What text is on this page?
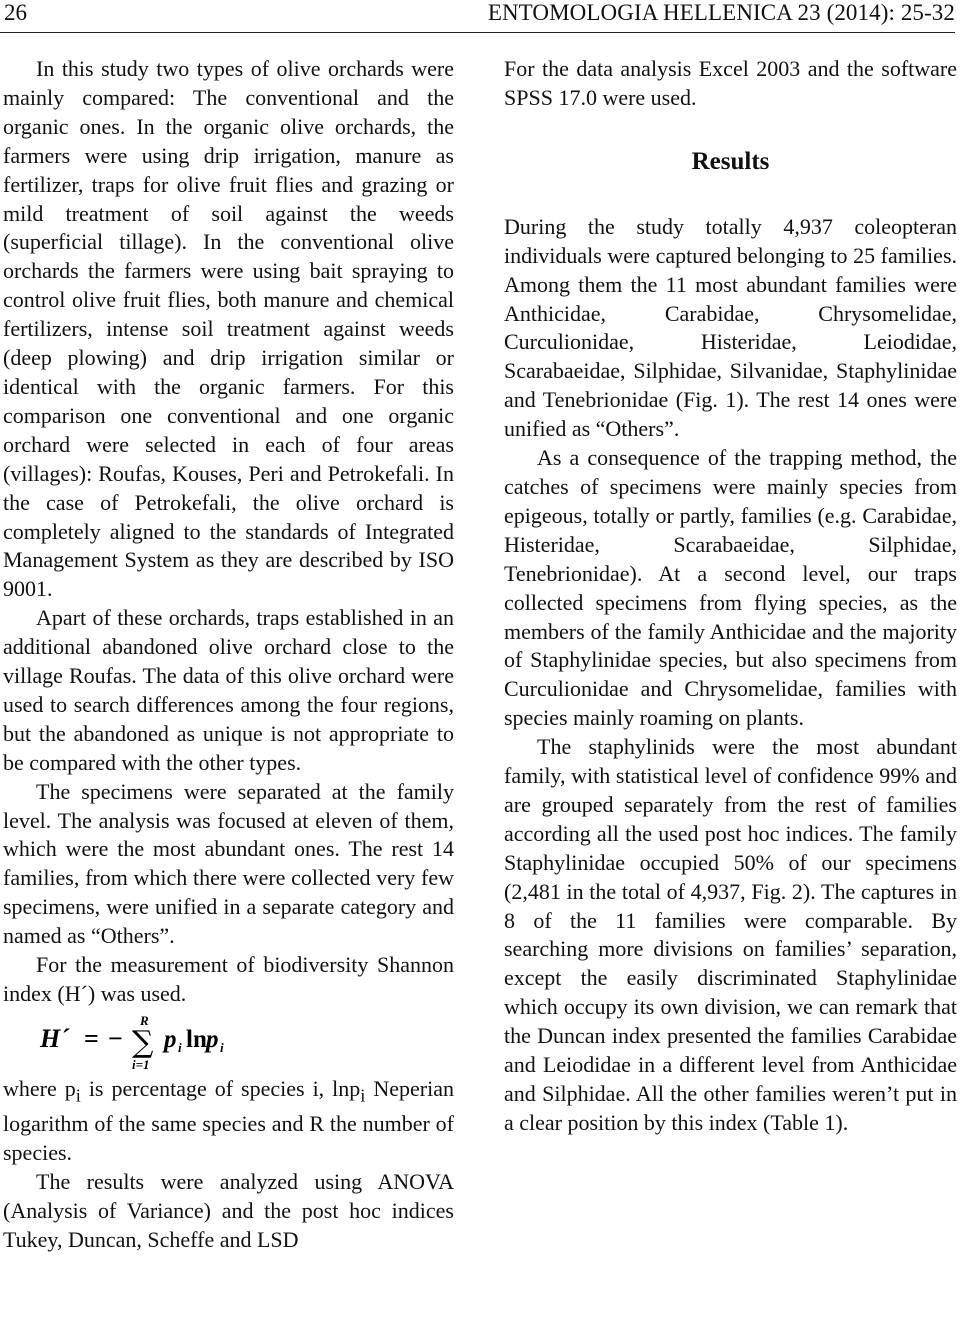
26	ENTOMOLOGIA HELLENICA 23 (2014): 25-32

In this study two types of olive orchards were mainly compared: The conventional and the organic ones. In the organic olive orchards, the farmers were using drip irrigation, manure as fertilizer, traps for olive fruit flies and grazing or mild treatment of soil against the weeds (superficial tillage). In the conventional olive orchards the farmers were using bait spraying to control olive fruit flies, both manure and chemical fertilizers, intense soil treatment against weeds (deep plowing) and drip irrigation similar or identical with the organic farmers. For this comparison one conventional and one organic orchard were selected in each of four areas (villages): Roufas, Kouses, Peri and Petrokefali. In the case of Petrokefali, the olive orchard is completely aligned to the standards of Integrated Management System as they are described by ISO 9001.

Apart of these orchards, traps established in an additional abandoned olive orchard close to the village Roufas. The data of this olive orchard were used to search differences among the four regions, but the abandoned as unique is not appropriate to be compared with the other types.

The specimens were separated at the family level. The analysis was focused at eleven of them, which were the most abundant ones. The rest 14 families, from which there were collected very few specimens, were unified in a separate category and named as “Others”.

For the measurement of biodiversity Shannon index (H´) was used.

H´ = −
R
∑
i=1
p i ln p i

where $p_i$ is percentage of species i, lnp$_i$ Neperian logarithm of the same species and R the number of species.

The results were analyzed using ANOVA (Analysis of Variance) and the post hoc indices Tukey, Duncan, Scheffe and LSD

For the data analysis Excel 2003 and the software SPSS 17.0 were used.

Results

During the study totally 4,937 coleopteran individuals were captured belonging to 25 families. Among them the 11 most abundant families were Anthicidae, Carabidae, Chrysomelidae, Curculionidae, Histeridae, Leiodidae, Scarabaeidae, Silphidae, Silvanidae, Staphylinidae and Tenebrionidae (Fig. 1). The rest 14 ones were unified as “Others”.

As a consequence of the trapping method, the catches of specimens were mainly species from epigeous, totally or partly, families (e.g. Carabidae, Histeridae, Scarabaeidae, Silphidae, Tenebrionidae). At a second level, our traps collected specimens from flying species, as the members of the family Anthicidae and the majority of Staphylinidae species, but also specimens from Curculionidae and Chrysomelidae, families with species mainly roaming on plants.

The staphylinids were the most abundant family, with statistical level of confidence 99% and are grouped separately from the rest of families according all the used post hoc indices. The family Staphylinidae occupied 50% of our specimens (2,481 in the total of 4,937, Fig. 2). The captures in 8 of the 11 families were comparable. By searching more divisions on families’ separation, except the easily discriminated Staphylinidae which occupy its own division, we can remark that the Duncan index presented the families Carabidae and Leiodidae in a different level from Anthicidae and Silphidae. All the other families weren’t put in a clear position by this index (Table 1).
